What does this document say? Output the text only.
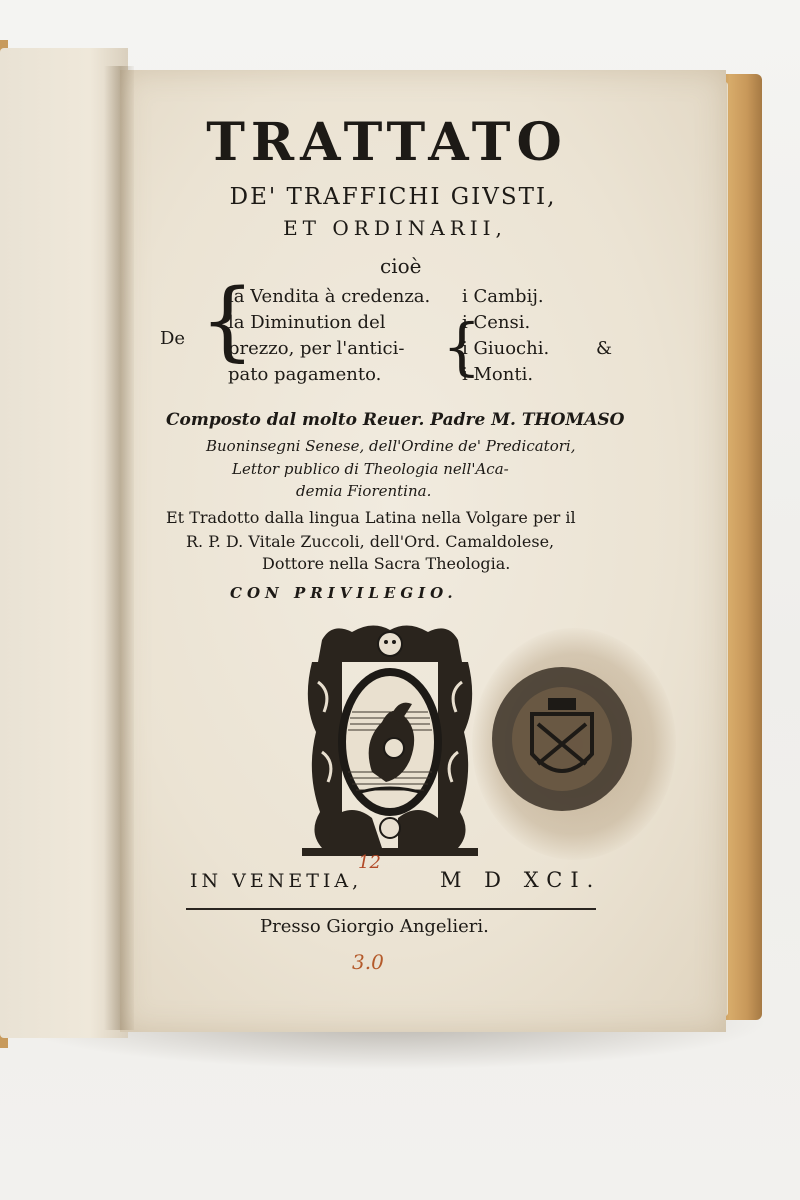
TRATTATO
DE' TRAFFICHI GIVSTI,
ET ORDINARII,
cioè
De {	{
la Vendita à credenza.
la Diminution del
prezzo, per l'antici-
pato pagamento.
i Cambij.
i Censi.
i Giuochi.
i Monti.
&
Composto dal molto Reuer. Padre M. THOMASO
Buoninsegni Senese, dell'Ordine de' Predicatori,
Lettor publico di Theologia nell'Aca-
demia Fiorentina.
Et Tradotto dalla lingua Latina nella Volgare per il
R. P. D. Vitale Zuccoli, dell'Ord. Camaldolese,
Dottore nella Sacra Theologia.
CON PRIVILEGIO.
IN VENETIA,	M D XCI.
12
Presso Giorgio Angelieri.
3.0
